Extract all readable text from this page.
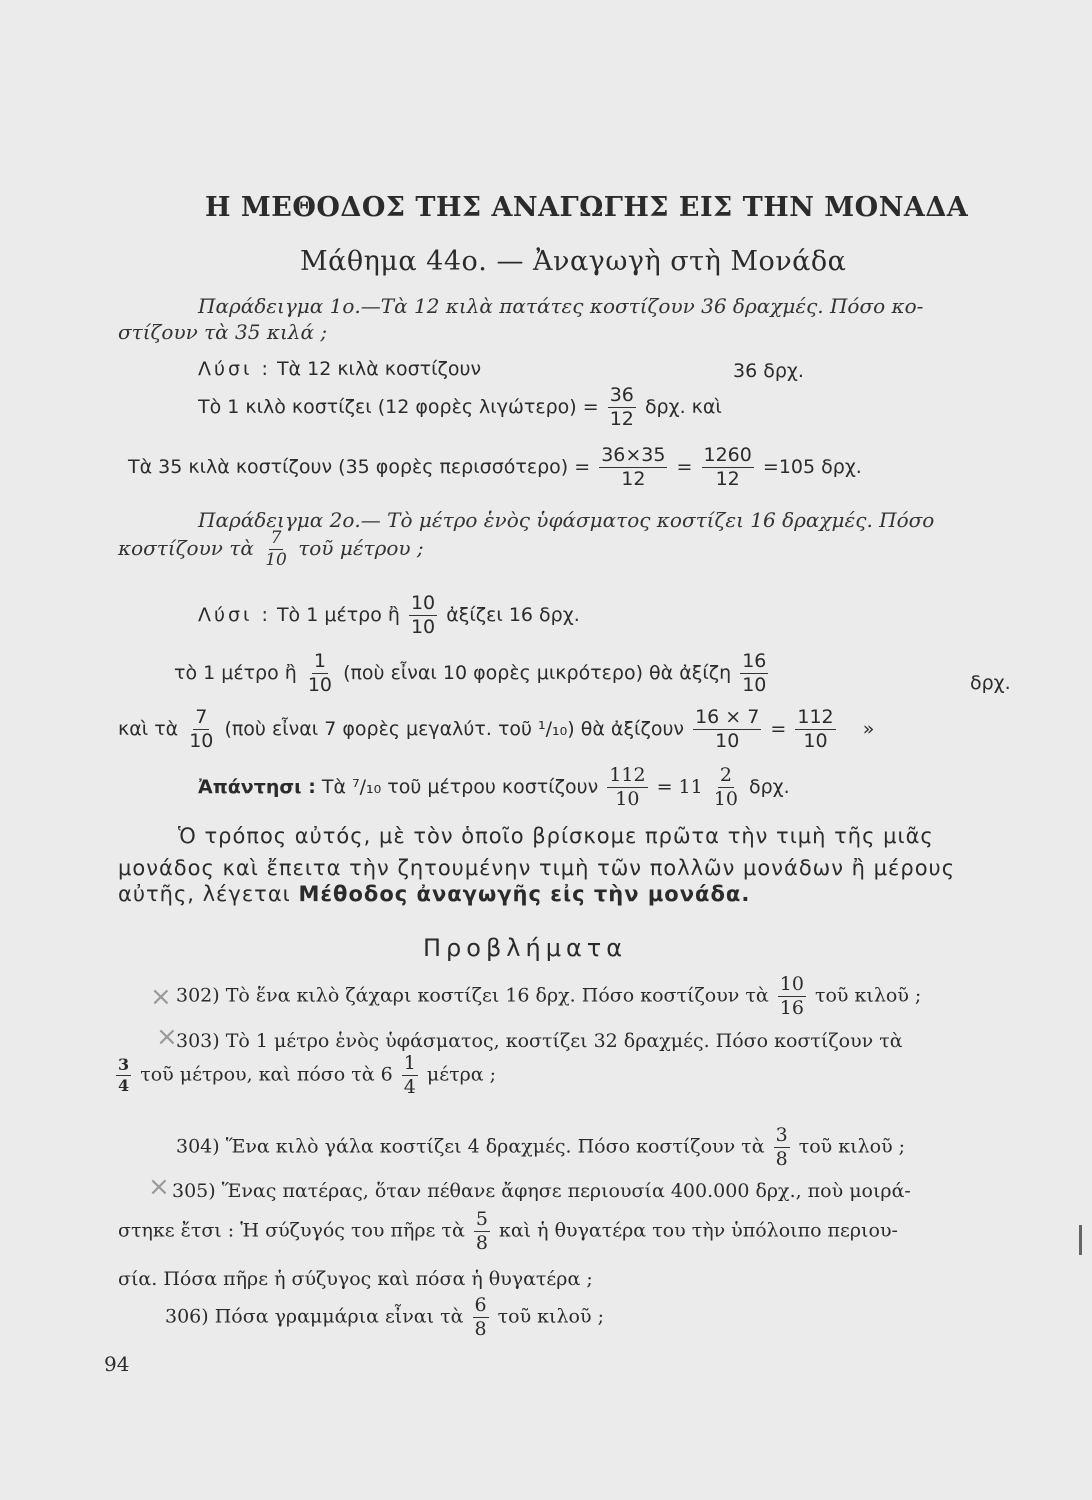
Η ΜΕΘΟΔΟΣ ΤΗΣ ΑΝΑΓΩΓΗΣ ΕΙΣ ΤΗΝ ΜΟΝΑΔΑ
Μάθημα 44ο. — Ἀναγωγὴ στὴ Μονάδα
Παράδειγμα 1ο.—Τὰ 12 κιλὰ πατάτες κοστίζουν 36 δραχμές. Πόσο κο-
στίζουν τὰ 35 κιλά ;
Λύσι : Τὰ 12 κιλὰ κοστίζουν	36 δρχ.
Τὸ 1 κιλὸ κοστίζει (12 φορὲς $\lambda\iota\gamma ώ\tau\varepsilon\rho o) = \frac{36}{12} \delta\rho\chi$. καὶ
Τὰ 35 κιλὰ κοστίζουν (35 φορὲς $\pi\varepsilon\rho\iota\sigma\sigma ό\tau\varepsilon\rho o) = \frac{36\times 35}{12} = \frac{1260}{12} =105$ δρχ.
Παράδειγμα 2ο.— Τὸ μέτρο ἑνὸς ὑφάσματος κοστίζει 16 δραχμές. Πόσο
κοστίζουν τὰ $\frac{7}{10}$ τοῦ μέτρου ;
Λύσι : Τὸ 1 μέτρο ἢ $\frac{10}{10}$ ἀξίζει 16 δρχ.
τὸ 1 μέτρο ἢ $\frac{1}{10}$ (ποὺ εἶναι 10 φορὲς μικρότερο) θὰ ἀξίζη $\frac{16}{10}$	δρχ.
καὶ τὰ $\frac{7}{10}$ (ποὺ εἶναι 7 φορὲς μεγαλύτ. τοῦ ¹/₁₀) θὰ ἀξίζουν $\frac{16 \times 7}{10} = \frac{112}{10}$ »
Ἀπάντησι : Τὰ ⁷/₁₀ τοῦ μέτρου κοστίζουν $\frac{112}{10} = 11 \frac{2}{10} \delta\rho\chi$.
Ὁ τρόπος αὐτός, μὲ τὸν ὁποῖο βρίσκομε πρῶτα τὴν τιμὴ τῆς μιᾶς
μονάδος καὶ ἔπειτα τὴν ζητουμένην τιμὴ τῶν πολλῶν μονάδων ἢ μέρους
αὐτῆς, λέγεται Μέθοδος ἀναγωγῆς εἰς τὴν μονάδα.
Προβλήματα
× 302) Τὸ ἕνα κιλὸ ζάχαρι κοστίζει 16 δρχ. Πόσο κοστίζουν τὰ $\frac{10}{16}$ τοῦ κιλοῦ ;
×
303) Τὸ 1 μέτρο ἑνὸς ὑφάσματος, κοστίζει 32 δραχμές. Πόσο κοστίζουν τὰ
$\frac{3}{4}$ τοῦ μέτρου, καὶ πόσο τὰ $6 \frac{1}{4}$ μέτρα ;
304) Ἕνα κιλὸ γάλα κοστίζει 4 δραχμές. Πόσο κοστίζουν τὰ $\frac{3}{8}$ τοῦ κιλοῦ ;
× 305) Ἕνας πατέρας, ὅταν πέθανε ἄφησε περιουσία 400.000 δρχ., ποὺ μοιρά-
στηκε ἔτσι : Ἡ σύζυγός του πῆρε τὰ $\frac{5}{8}$ καὶ ἡ θυγατέρα του τὴν ὑπόλοιπο περιου-
σία. Πόσα πῆρε ἡ σύζυγος καὶ πόσα ἡ θυγατέρα ;
306) Πόσα γραμμάρια εἶναι τὰ $\frac{6}{8}$ τοῦ κιλοῦ ;
94
